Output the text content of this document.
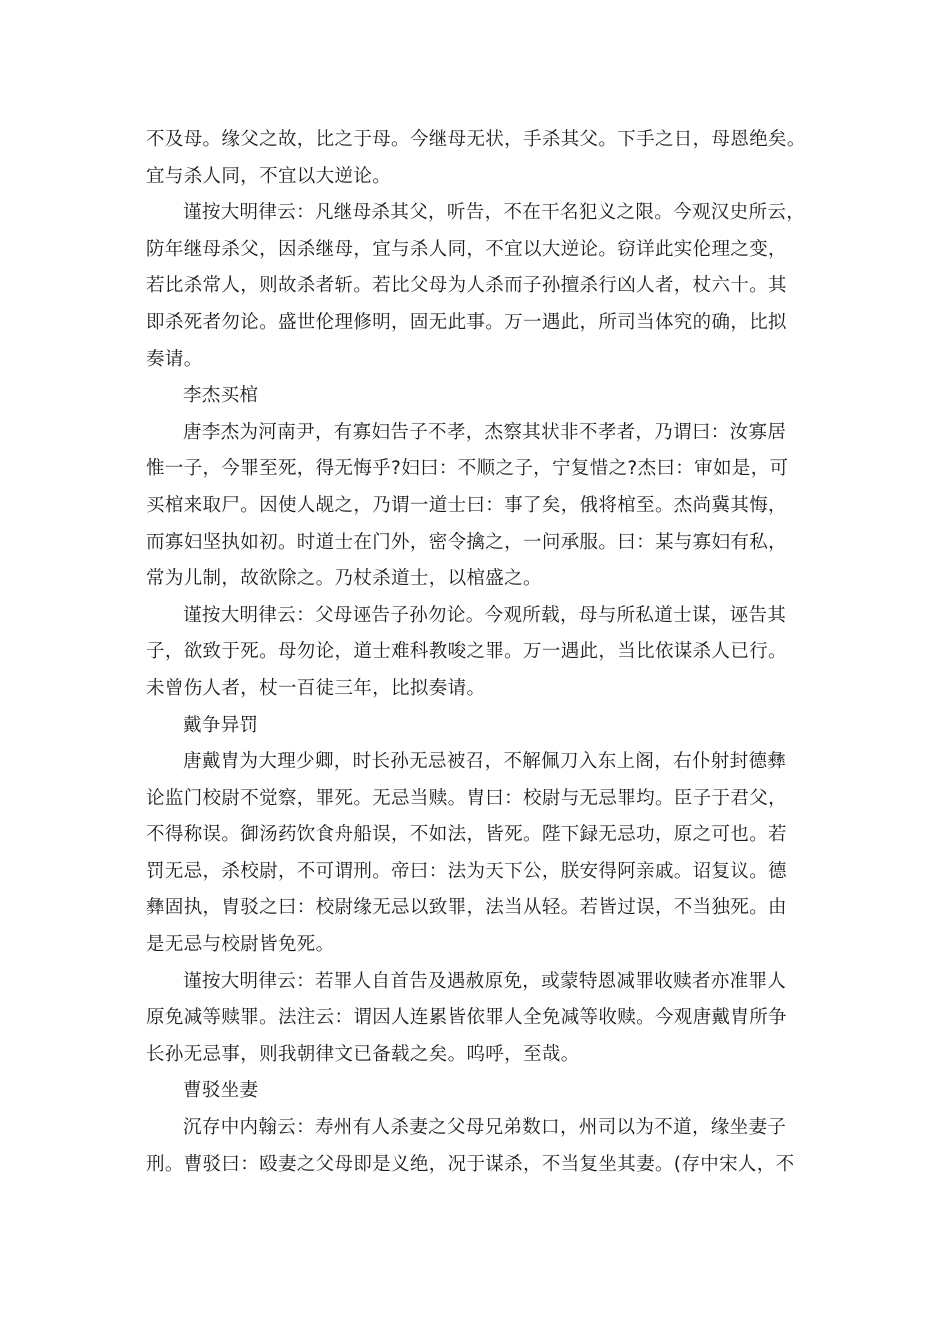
不及母。缘父之故，比之于母。今继母无状，手杀其父。下手之日，母恩绝矣。
宜与杀人同，不宜以大逆论。
谨按大明律云：凡继母杀其父，听告，不在干名犯义之限。今观汉史所云，
防年继母杀父，因杀继母，宜与杀人同，不宜以大逆论。窃详此实伦理之变，
若比杀常人，则故杀者斩。若比父母为人杀而子孙擅杀行凶人者，杖六十。其
即杀死者勿论。盛世伦理修明，固无此事。万一遇此，所司当体究的确，比拟
奏请。
李杰买棺
唐李杰为河南尹，有寡妇告子不孝，杰察其状非不孝者，乃谓曰：汝寡居
惟一子，今罪至死，得无悔乎?妇曰：不顺之子，宁复惜之?杰曰：审如是，可
买棺来取尸。因使人觇之，乃谓一道士曰：事了矣，俄将棺至。杰尚冀其悔，
而寡妇坚执如初。时道士在门外，密令擒之，一问承服。曰：某与寡妇有私，
常为儿制，故欲除之。乃杖杀道士，以棺盛之。
谨按大明律云：父母诬告子孙勿论。今观所载，母与所私道士谋，诬告其
子，欲致于死。母勿论，道士难科教唆之罪。万一遇此，当比依谋杀人已行。
未曾伤人者，杖一百徒三年，比拟奏请。
戴争异罚
唐戴胄为大理少卿，时长孙无忌被召，不解佩刀入东上阁，右仆射封德彝
论监门校尉不觉察，罪死。无忌当赎。胄曰：校尉与无忌罪均。臣子于君父，
不得称误。御汤药饮食舟船误，不如法，皆死。陛下録无忌功，原之可也。若
罚无忌，杀校尉，不可谓刑。帝曰：法为天下公，朕安得阿亲戚。诏复议。德
彝固执，胄驳之曰：校尉缘无忌以致罪，法当从轻。若皆过误，不当独死。由
是无忌与校尉皆免死。
谨按大明律云：若罪人自首告及遇赦原免，或蒙特恩减罪收赎者亦准罪人
原免减等赎罪。法注云：谓因人连累皆依罪人全免减等收赎。今观唐戴胄所争
长孙无忌事，则我朝律文已备载之矣。呜呼，至哉。
曹驳坐妻
沉存中内翰云：寿州有人杀妻之父母兄弟数口，州司以为不道，缘坐妻子
刑。曹驳曰：殴妻之父母即是义绝，况于谋杀，不当复坐其妻。(存中宋人，不
